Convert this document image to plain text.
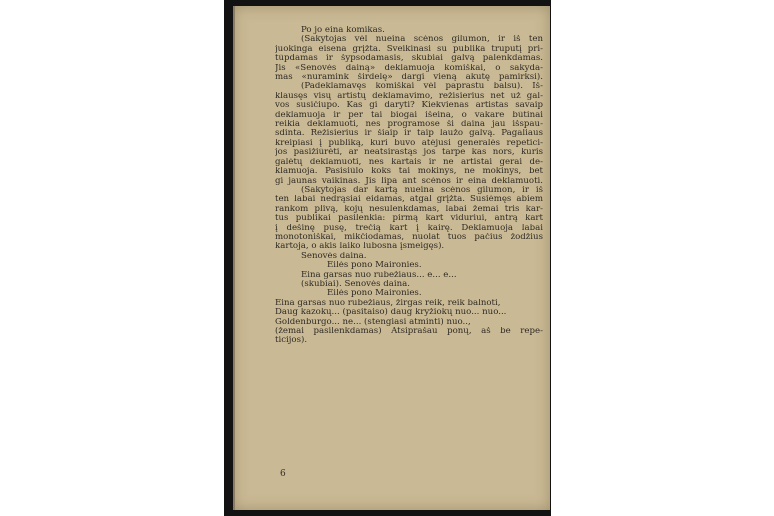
Po jo eina komikas.
(Sakytojas vėl nueina scėnos gilumon, ir iš ten
juokinga eisena grįžta. Sveikinasi su publika truputį pri-
tūpdamas ir šypsodamasis, skubiai galvą palenkdamas.
Jis «Senovės dainą» deklamuoja komiškai, o sakyda-
mas «nuramink širdelę» dargi vieną akutę pamirksi).
(Padeklamavęs komiškai vėl paprastu balsu). Iš-
klausęs visų artistų deklamavimo, režisierius net už gal-
vos susičiupo. Kas gi daryti? Kiekvienas artistas savaip
deklamuoja ir per tai biogai išeina, o vakare būtinai
reikia deklamuoti, nes programose ši daina jau išspau-
sdinta. Režisierius ir šiaip ir taip laužo galvą. Pagaliaus
kreipiasi į publiką, kuri buvo atėjusi generalės repetici-
jos pasižiūrėti, ar neatsirastąs jos tarpe kas nors, kuris
galėtų deklamuoti, nes kartais ir ne artistai gerai de-
klamuoja. Pasisiūlo koks tai mokinys, ne mokinys, bet
gi jaunas vaikinas. Jis lipa ant scėnos ir eina deklamuoti.
(Sakytojas dar kartą nueina scėnos gilumon, ir iš
ten labai nedrąsiai eidamas, atgal grįžta. Susiėmęs abiem
rankom plivą, kojų nesulenkdamas, labai žemai tris kar-
tus publikai pasilenkia: pirmą kart viduriui, antrą kart
į dešinę pusę, trečią kart į kairę. Deklamuoja labai
monotoniškai, mikčiodamas, nuolat tuos pačius žodžius
kartoja, o akis laiko lubosna įsmeigęs).
Senovės daina.
Eilės pono Maironies.
Eina garsas nuo rubežiaus... e... e...
(skubiai). Senovės daina.
Eilės pono Maironies.
Eina garsas nuo rubežiaus, žirgas reik, reik balnoti,
Daug kazokų... (pasitaiso) daug kryžiokų nuo... nuo...
Goldenburgo... ne... (stengiasi atminti) nuo..,
(žemai pasilenkdamas) Atsiprašau ponų, aš be repe-
ticijos).
6
